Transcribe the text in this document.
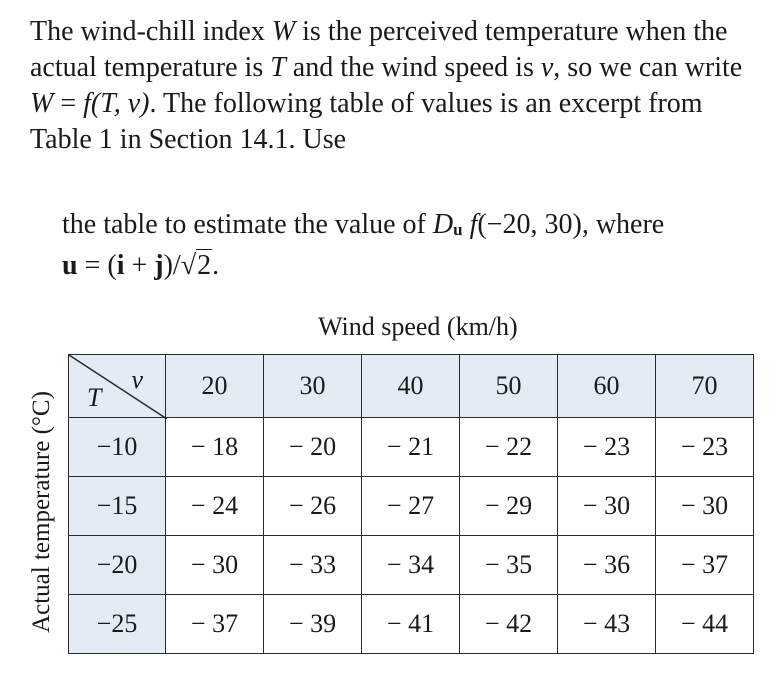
The wind-chill index W is the perceived temperature when the actual temperature is T and the wind speed is v, so we can write W = f(T, v). The following table of values is an excerpt from Table 1 in Section 14.1. Use

the table to estimate the value of Du f(−20, 30), where
u = (i + j)/√2.

Wind speed (km/h)
Actual temperature (°C)
v
T	20	30	40	50	60	70
−10	− 18	− 20	− 21	− 22	− 23	− 23
−15	− 24	− 26	− 27	− 29	− 30	− 30
−20	− 30	− 33	− 34	− 35	− 36	− 37
−25	− 37	− 39	− 41	− 42	− 43	− 44
